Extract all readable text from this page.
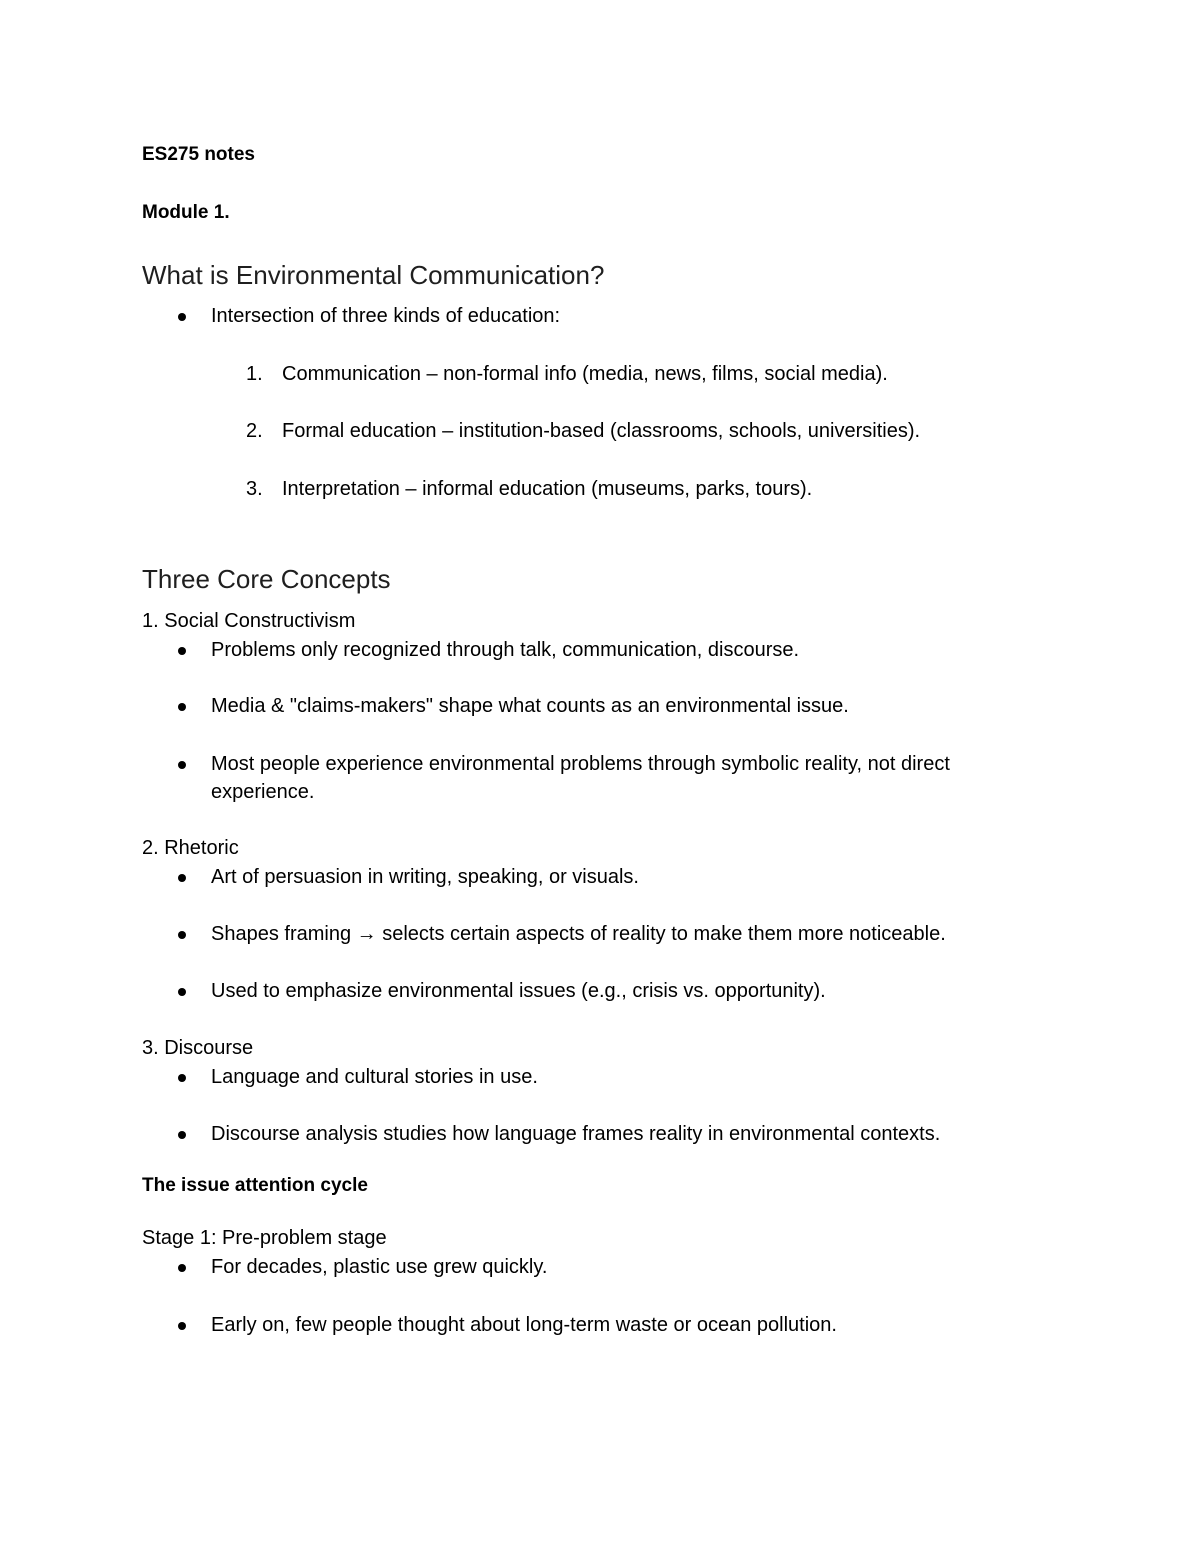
ES275 notes
Module 1.
What is Environmental Communication?
Intersection of three kinds of education:
1. Communication – non-formal info (media, news, films, social media).
2. Formal education – institution-based (classrooms, schools, universities).
3. Interpretation – informal education (museums, parks, tours).
Three Core Concepts
1. Social Constructivism
Problems only recognized through talk, communication, discourse.
Media & "claims-makers" shape what counts as an environmental issue.
Most people experience environmental problems through symbolic reality, not direct experience.
2. Rhetoric
Art of persuasion in writing, speaking, or visuals.
Shapes framing → selects certain aspects of reality to make them more noticeable.
Used to emphasize environmental issues (e.g., crisis vs. opportunity).
3. Discourse
Language and cultural stories in use.
Discourse analysis studies how language frames reality in environmental contexts.
The issue attention cycle
Stage 1: Pre-problem stage
For decades, plastic use grew quickly.
Early on, few people thought about long-term waste or ocean pollution.
